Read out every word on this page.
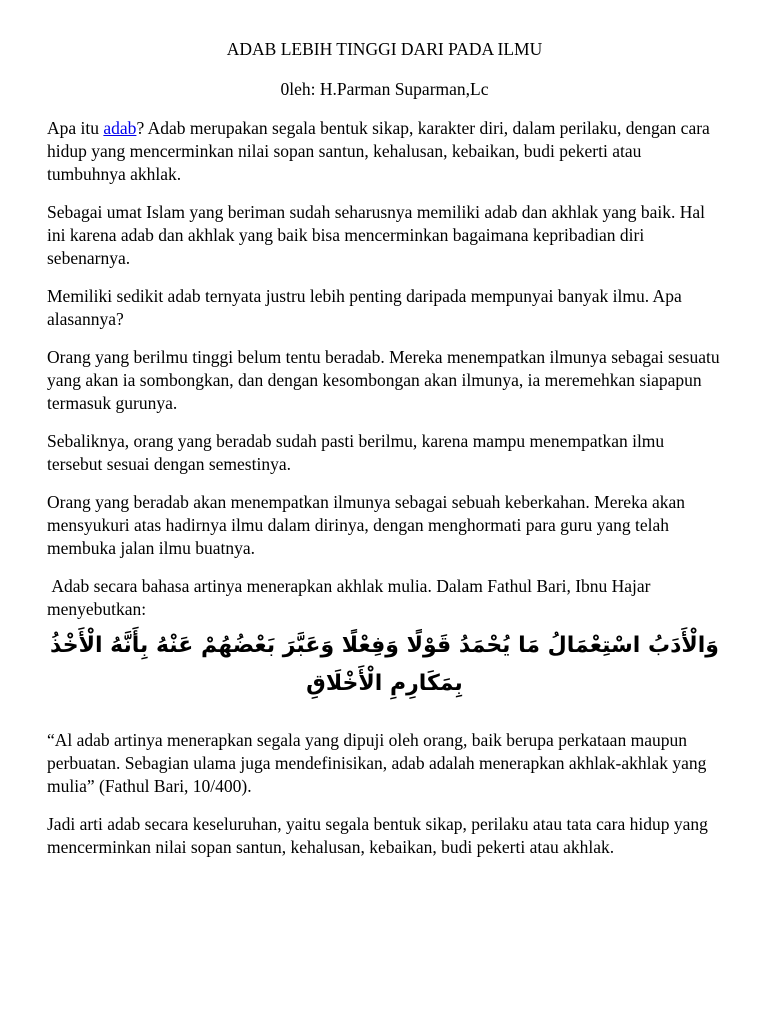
ADAB LEBIH TINGGI DARI PADA ILMU

0leh: H.Parman Suparman,Lc

Apa itu adab? Adab merupakan segala bentuk sikap, karakter diri, dalam perilaku, dengan cara hidup yang mencerminkan nilai sopan santun, kehalusan, kebaikan, budi pekerti atau tumbuhnya akhlak.

Sebagai umat Islam yang beriman sudah seharusnya memiliki adab dan akhlak yang baik. Hal ini karena adab dan akhlak yang baik bisa mencerminkan bagaimana kepribadian diri sebenarnya.

Memiliki sedikit adab ternyata justru lebih penting daripada mempunyai banyak ilmu. Apa alasannya?

Orang yang berilmu tinggi belum tentu beradab. Mereka menempatkan ilmunya sebagai sesuatu yang akan ia sombongkan, dan dengan kesombongan akan ilmunya, ia meremehkan siapapun termasuk gurunya.

Sebaliknya, orang yang beradab sudah pasti berilmu, karena mampu menempatkan ilmu tersebut sesuai dengan semestinya.

Orang yang beradab akan menempatkan ilmunya sebagai sebuah keberkahan. Mereka akan mensyukuri atas hadirnya ilmu dalam dirinya, dengan menghormati para guru yang telah membuka jalan ilmu buatnya.

Adab secara bahasa artinya menerapkan akhlak mulia. Dalam Fathul Bari, Ibnu Hajar menyebutkan:

وَالْأَدَبُ اسْتِعْمَالُ مَا يُحْمَدُ قَوْلًا وَفِعْلًا وَعَبَّرَ بَعْضُهُمْ عَنْهُ بِأَنَّهُ الْأَخْذُ بِمَكَارِمِ الْأَخْلَاقِ

“Al adab artinya menerapkan segala yang dipuji oleh orang, baik berupa perkataan maupun perbuatan. Sebagian ulama juga mendefinisikan, adab adalah menerapkan akhlak-akhlak yang mulia” (Fathul Bari, 10/400).

Jadi arti adab secara keseluruhan, yaitu segala bentuk sikap, perilaku atau tata cara hidup yang mencerminkan nilai sopan santun, kehalusan, kebaikan, budi pekerti atau akhlak.
